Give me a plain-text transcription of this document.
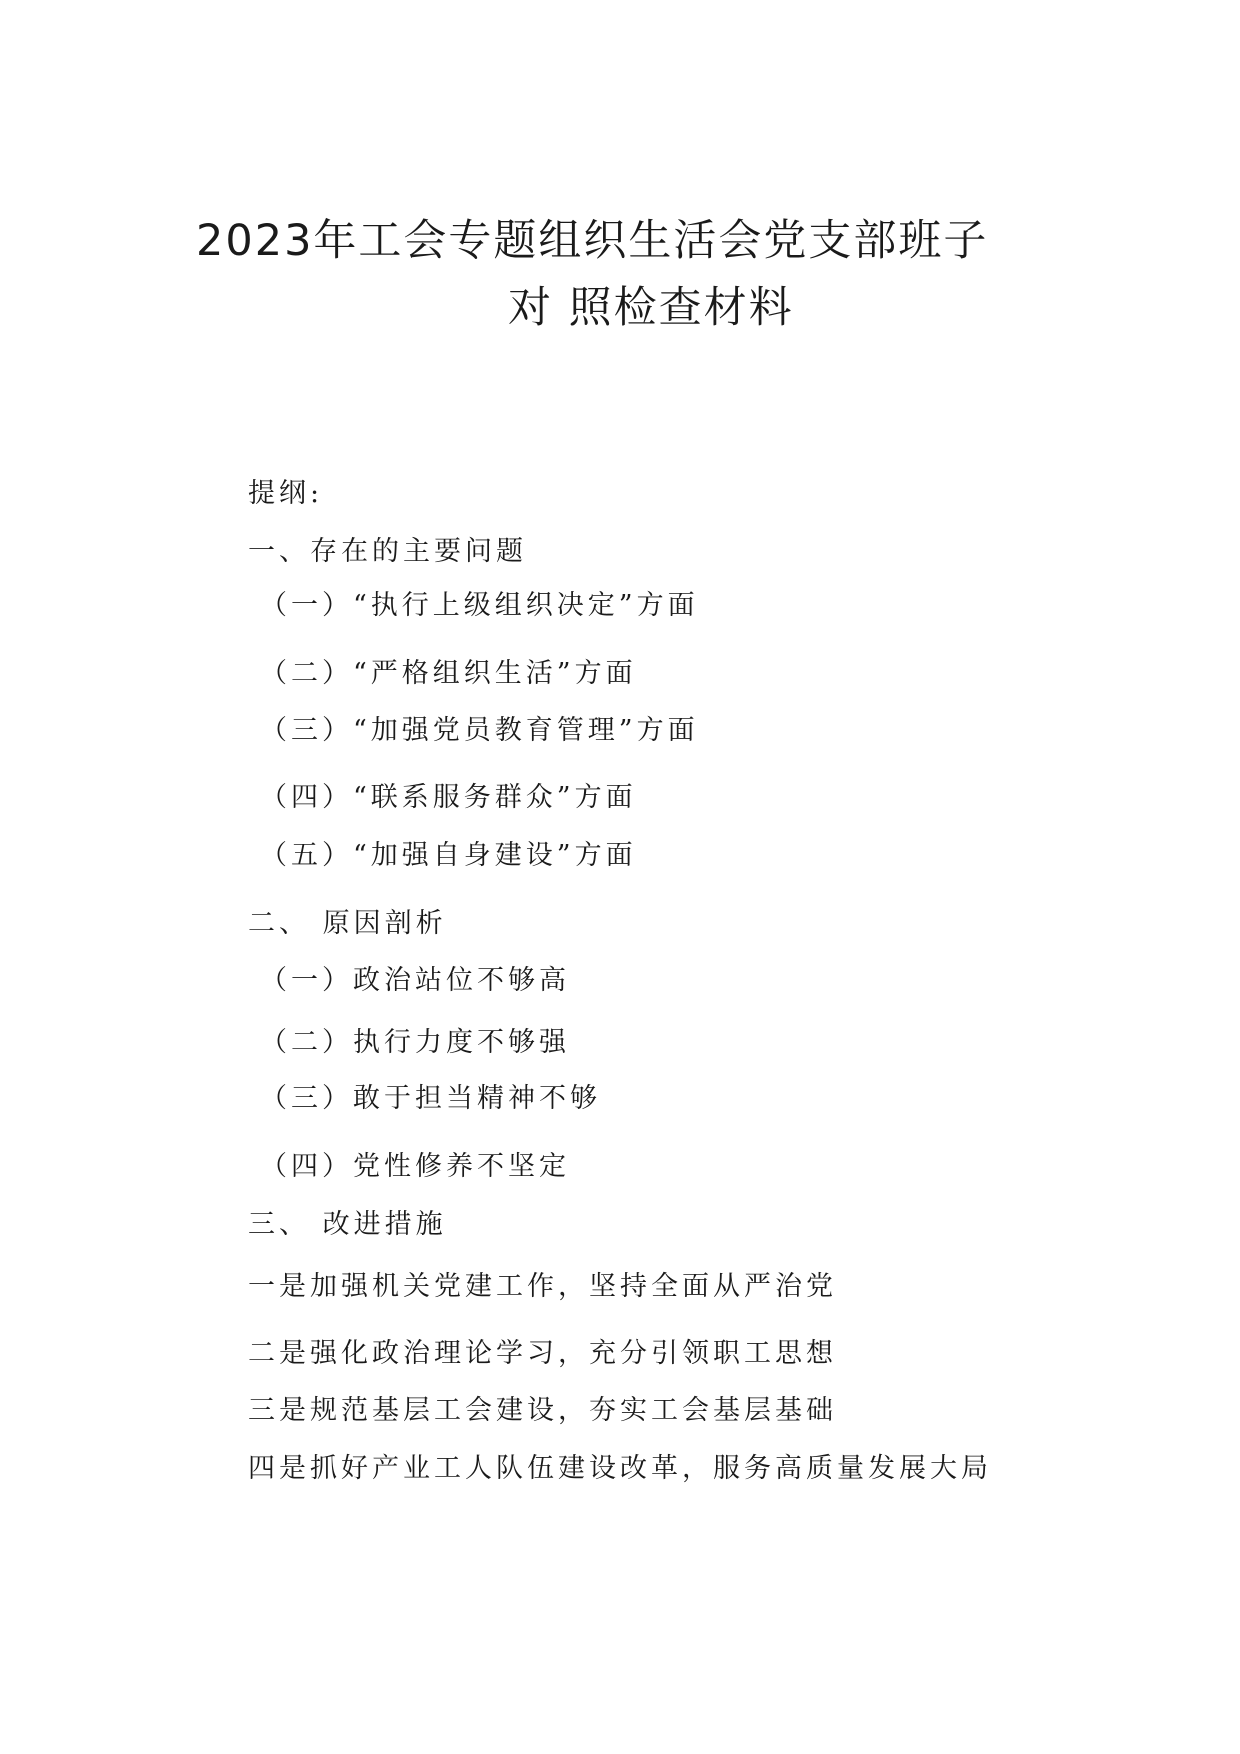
2023年工会专题组织生活会党支部班子
对 照检查材料

提纲:

一、存在的主要问题

（一）“执行上级组织决定”方面

（二）“严格组织生活”方面

（三）“加强党员教育管理”方面

（四）“联系服务群众”方面

（五）“加强自身建设”方面

二、 原因剖析

（一）政治站位不够高

（二）执行力度不够强

（三）敢于担当精神不够

（四）党性修养不坚定

三、 改进措施

一是加强机关党建工作，坚持全面从严治党

二是强化政治理论学习，充分引领职工思想

三是规范基层工会建设，夯实工会基层基础

四是抓好产业工人队伍建设改革，服务高质量发展大局
